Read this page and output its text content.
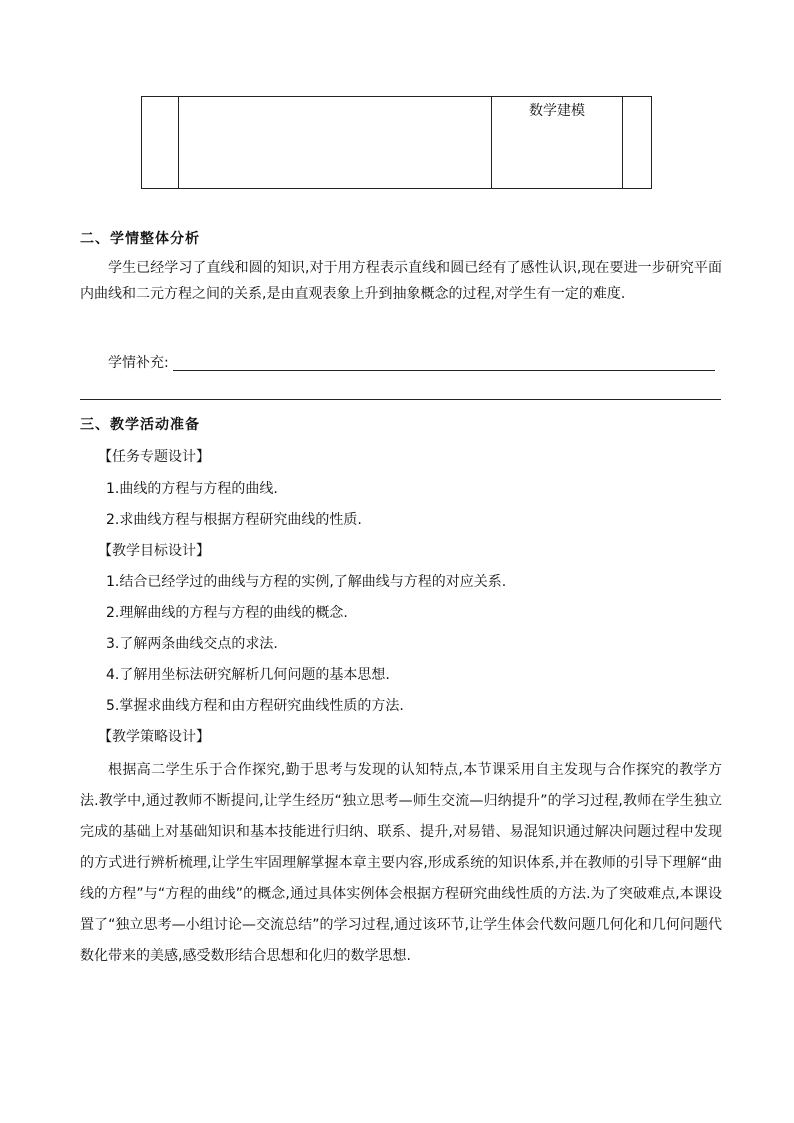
数学建模
二、学情整体分析

学生已经学习了直线和圆的知识,对于用方程表示直线和圆已经有了感性认识,现在要进一步研究平面内曲线和二元方程之间的关系,是由直观表象上升到抽象概念的过程,对学生有一定的难度.

学情补充:
三、教学活动准备
【任务专题设计】
1.曲线的方程与方程的曲线.
2.求曲线方程与根据方程研究曲线的性质.
【教学目标设计】
1.结合已经学过的曲线与方程的实例,了解曲线与方程的对应关系.
2.理解曲线的方程与方程的曲线的概念.
3.了解两条曲线交点的求法.
4.了解用坐标法研究解析几何问题的基本思想.
5.掌握求曲线方程和由方程研究曲线性质的方法.
【教学策略设计】

根据高二学生乐于合作探究,勤于思考与发现的认知特点,本节课采用自主发现与合作探究的教学方法.教学中,通过教师不断提问,让学生经历“独立思考—师生交流—归纳提升”的学习过程,教师在学生独立完成的基础上对基础知识和基本技能进行归纳、联系、提升,对易错、易混知识通过解决问题过程中发现的方式进行辨析梳理,让学生牢固理解掌握本章主要内容,形成系统的知识体系,并在教师的引导下理解“曲线的方程”与“方程的曲线”的概念,通过具体实例体会根据方程研究曲线性质的方法.为了突破难点,本课设置了“独立思考—小组讨论—交流总结”的学习过程,通过该环节,让学生体会代数问题几何化和几何问题代数化带来的美感,感受数形结合思想和化归的数学思想.
